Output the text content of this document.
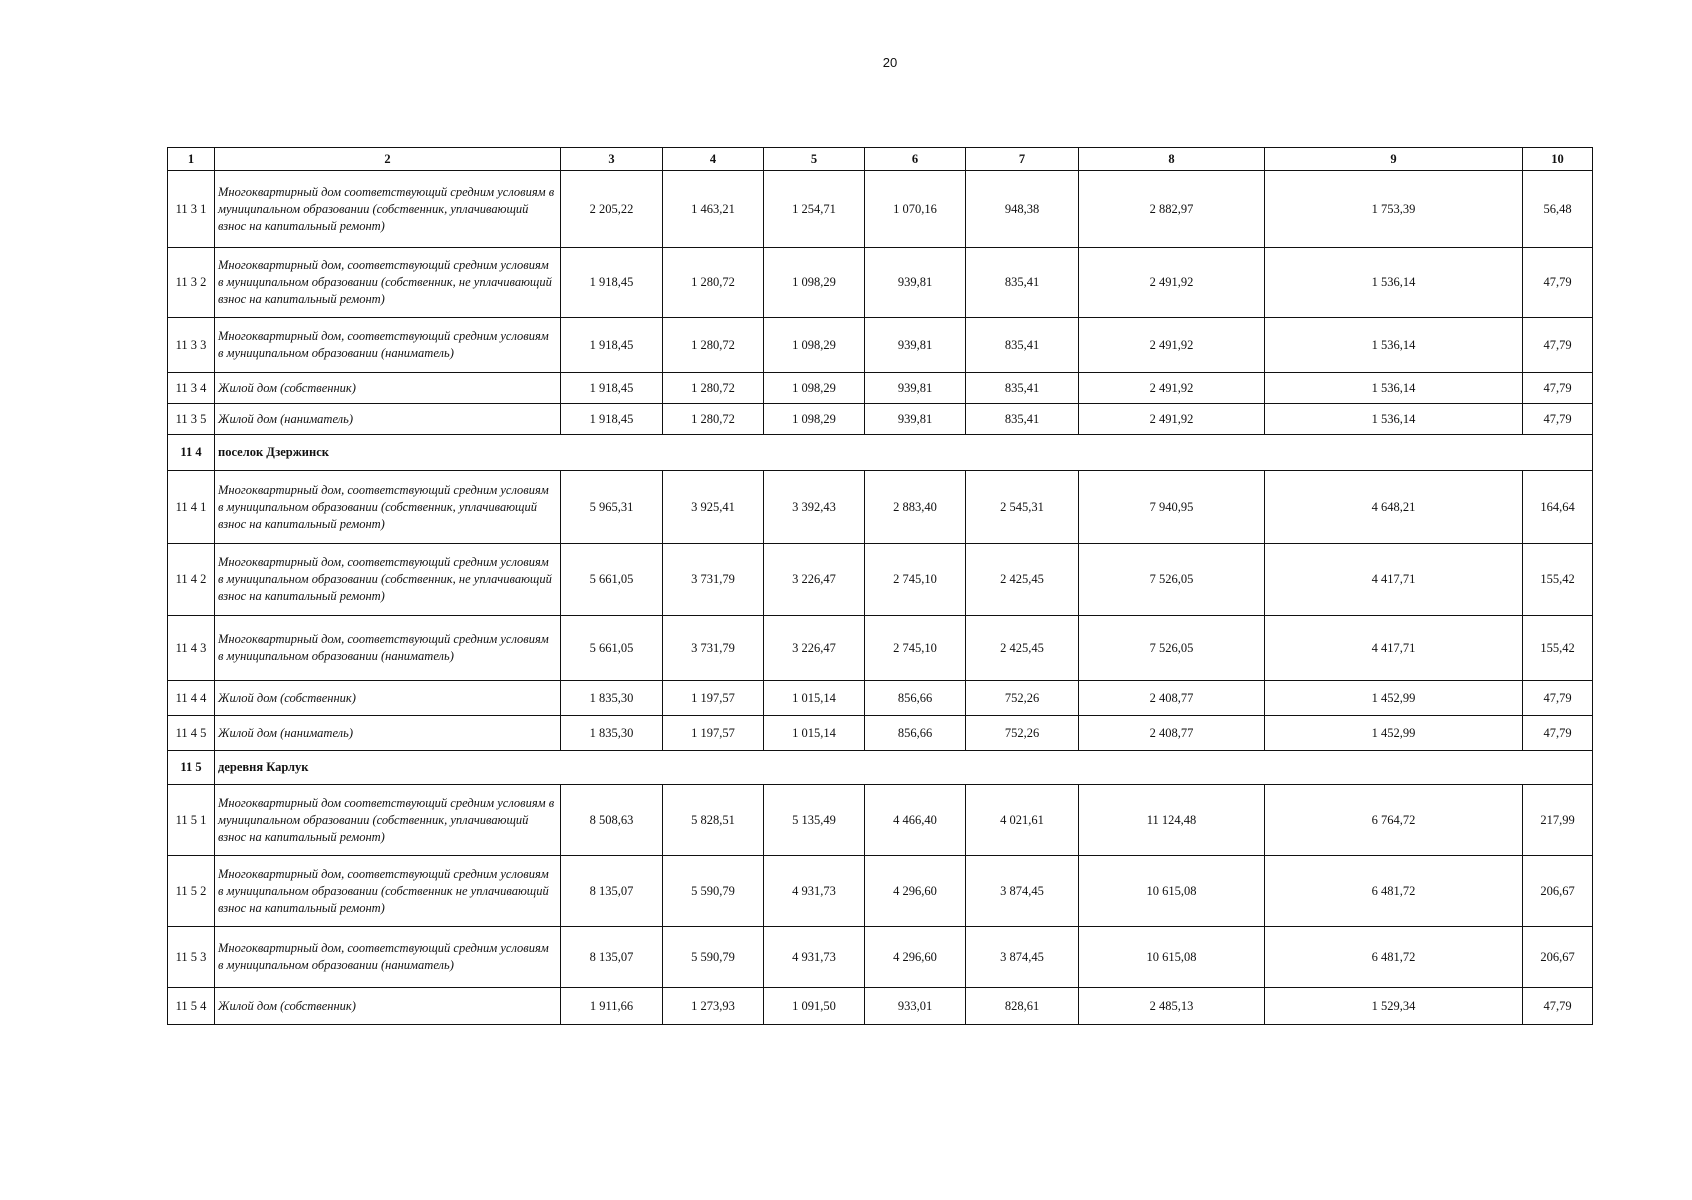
20
1	2	3	4	5	6	7	8	9	10
11 3 1	Многоквартирный дом соответствующий средним условиям в муниципальном образовании (собственник, уплачивающий взнос на капитальный ремонт)	2 205,22	1 463,21	1 254,71	1 070,16	948,38	2 882,97	1 753,39	56,48
11 3 2	Многоквартирный дом, соответствующий средним условиям в муниципальном образовании (собственник, не уплачивающий взнос на капитальный ремонт)	1 918,45	1 280,72	1 098,29	939,81	835,41	2 491,92	1 536,14	47,79
11 3 3	Многоквартирный дом, соответствующий средним условиям в муниципальном образовании (наниматель)	1 918,45	1 280,72	1 098,29	939,81	835,41	2 491,92	1 536,14	47,79
11 3 4	Жилой дом (собственник)	1 918,45	1 280,72	1 098,29	939,81	835,41	2 491,92	1 536,14	47,79
11 3 5	Жилой дом (наниматель)	1 918,45	1 280,72	1 098,29	939,81	835,41	2 491,92	1 536,14	47,79
11 4	поселок Дзержинск								
11 4 1	Многоквартирный дом, соответствующий средним условиям в муниципальном образовании (собственник, уплачивающий взнос на капитальный ремонт)	5 965,31	3 925,41	3 392,43	2 883,40	2 545,31	7 940,95	4 648,21	164,64
11 4 2	Многоквартирный дом, соответствующий средним условиям в муниципальном образовании (собственник, не уплачивающий взнос на капитальный ремонт)	5 661,05	3 731,79	3 226,47	2 745,10	2 425,45	7 526,05	4 417,71	155,42
11 4 3	Многоквартирный дом, соответствующий средним условиям в муниципальном образовании (наниматель)	5 661,05	3 731,79	3 226,47	2 745,10	2 425,45	7 526,05	4 417,71	155,42
11 4 4	Жилой дом (собственник)	1 835,30	1 197,57	1 015,14	856,66	752,26	2 408,77	1 452,99	47,79
11 4 5	Жилой дом (наниматель)	1 835,30	1 197,57	1 015,14	856,66	752,26	2 408,77	1 452,99	47,79
11 5	деревня Карлук								
11 5 1	Многоквартирный дом соответствующий средним условиям в муниципальном образовании (собственник, уплачивающий взнос на капитальный ремонт)	8 508,63	5 828,51	5 135,49	4 466,40	4 021,61	11 124,48	6 764,72	217,99
11 5 2	Многоквартирный дом, соответствующий средним условиям в муниципальном образовании (собственник не уплачивающий взнос на капитальный ремонт)	8 135,07	5 590,79	4 931,73	4 296,60	3 874,45	10 615,08	6 481,72	206,67
11 5 3	Многоквартирный дом, соответствующий средним условиям в муниципальном образовании (наниматель)	8 135,07	5 590,79	4 931,73	4 296,60	3 874,45	10 615,08	6 481,72	206,67
11 5 4	Жилой дом (собственник)	1 911,66	1 273,93	1 091,50	933,01	828,61	2 485,13	1 529,34	47,79
